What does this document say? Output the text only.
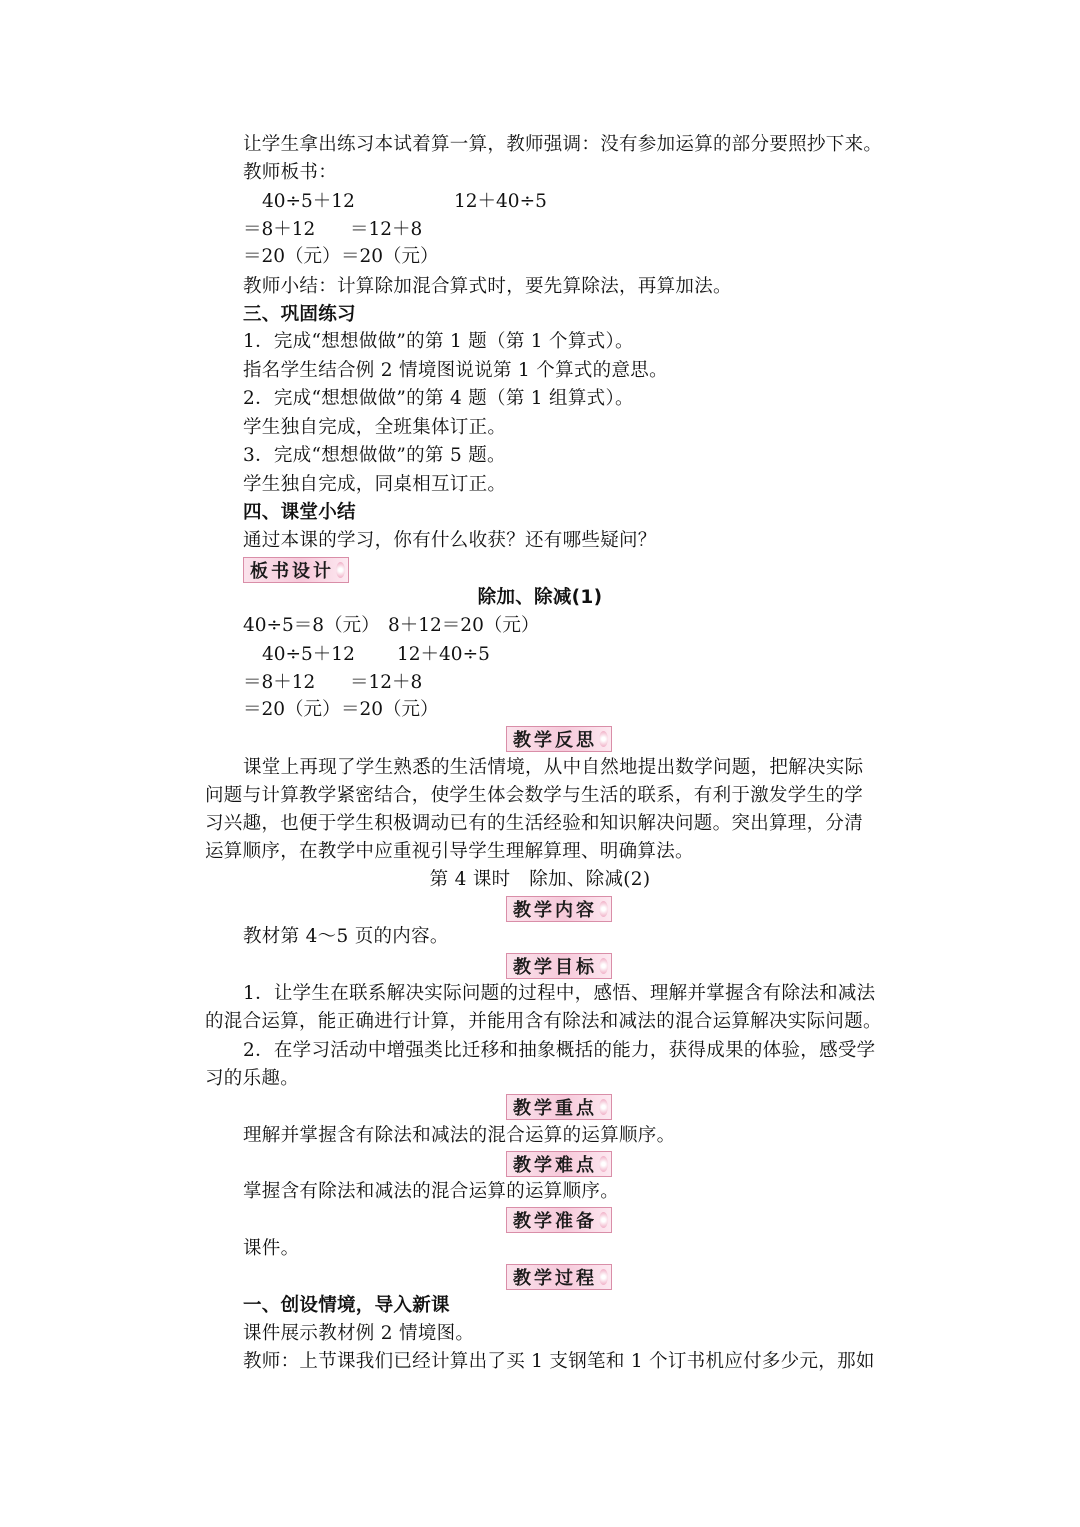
让学生拿出练习本试着算一算，教师强调：没有参加运算的部分要照抄下来。
教师板书：
40÷5＋12	12＋40÷5
＝8＋12 ＝12＋8
＝20（元） ＝20（元）
教师小结：计算除加混合算式时，要先算除法，再算加法。
三、巩固练习
1．完成“想想做做”的第 1 题（第 1 个算式）。
指名学生结合例 2 情境图说说第 1 个算式的意思。
2．完成“想想做做”的第 4 题（第 1 组算式）。
学生独自完成，全班集体订正。
3．完成“想想做做”的第 5 题。
学生独自完成，同桌相互订正。
四、课堂小结
通过本课的学习，你有什么收获？还有哪些疑问？
板书设计
除加、除减(1)
40÷5＝8（元） 8＋12＝20（元）
40÷5＋12 12＋40÷5
＝8＋12 ＝12＋8
＝20（元） ＝20（元）
教学反思
课堂上再现了学生熟悉的生活情境，从中自然地提出数学问题，把解决实际
问题与计算教学紧密结合，使学生体会数学与生活的联系，有利于激发学生的学
习兴趣，也便于学生积极调动已有的生活经验和知识解决问题。突出算理，分清
运算顺序，在教学中应重视引导学生理解算理、明确算法。
第 4 课时　除加、除减(2)
教学内容
教材第 4～5 页的内容。
教学目标
1．让学生在联系解决实际问题的过程中，感悟、理解并掌握含有除法和减法
的混合运算，能正确进行计算，并能用含有除法和减法的混合运算解决实际问题。
2．在学习活动中增强类比迁移和抽象概括的能力，获得成果的体验，感受学
习的乐趣。
教学重点
理解并掌握含有除法和减法的混合运算的运算顺序。
教学难点
掌握含有除法和减法的混合运算的运算顺序。
教学准备
课件。
教学过程
一、创设情境，导入新课
课件展示教材例 2 情境图。
教师：上节课我们已经计算出了买 1 支钢笔和 1 个订书机应付多少元，那如
